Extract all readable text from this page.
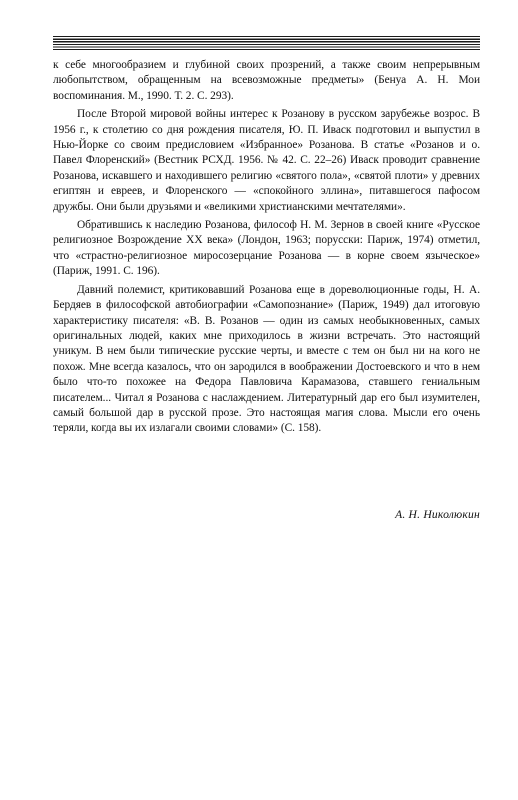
к себе многообразием и глубиной своих прозрений, а также своим непрерывным любопытством, обращенным на всевозможные предметы» (Бенуа А. Н. Мои воспоминания. М., 1990. Т. 2. С. 293).

После Второй мировой войны интерес к Розанову в русском зарубежье возрос. В 1956 г., к столетию со дня рождения писателя, Ю. П. Иваск подготовил и выпустил в Нью-Йорке со своим предисловием «Избранное» Розанова. В статье «Розанов и о. Павел Флоренский» (Вестник РСХД. 1956. № 42. С. 22–26) Иваск проводит сравнение Розанова, искавшего и находившего религию «святого пола», «святой плоти» у древних египтян и евреев, и Флоренского — «спокойного эллина», питавшегося пафосом дружбы. Они были друзьями и «великими христианскими мечтателями».

Обратившись к наследию Розанова, философ Н. М. Зернов в своей книге «Русское религиозное Возрождение XX века» (Лондон, 1963; порусски: Париж, 1974) отметил, что «страстно-религиозное миросозерцание Розанова — в корне своем языческое» (Париж, 1991. С. 196).

Давний полемист, критиковавший Розанова еще в дореволюционные годы, Н. А. Бердяев в философской автобиографии «Самопознание» (Париж, 1949) дал итоговую характеристику писателя: «В. В. Розанов — один из самых необыкновенных, самых оригинальных людей, каких мне приходилось в жизни встречать. Это настоящий уникум. В нем были типические русские черты, и вместе с тем он был ни на кого не похож. Мне всегда казалось, что он зародился в воображении Достоевского и что в нем было что-то похожее на Федора Павловича Карамазова, ставшего гениальным писателем... Читал я Розанова с наслаждением. Литературный дар его был изумителен, самый большой дар в русской прозе. Это настоящая магия слова. Мысли его очень теряли, когда вы их излагали своими словами» (С. 158).

А. Н. Николюкин
